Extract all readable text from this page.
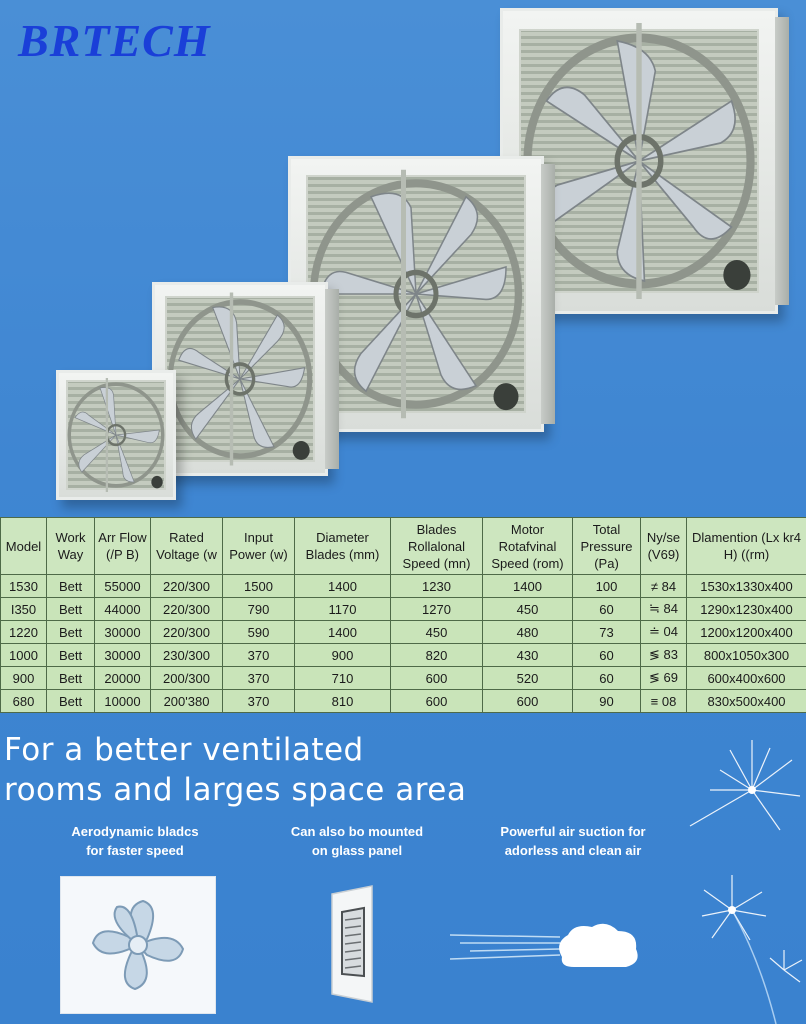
BRTECH
Model	Work Way	Arr Flow (/P B)	Rated Voltage (w	Input Power (w)	Diameter Blades (mm)	Blades Rollalonal Speed (mn)	Motor Rotafvinal Speed (rom)	Total Pressure (Pa)	Ny/se (V69)	Dlamention (Lx kr4 H) ((rm)
1530	Bett	55000	220/300	1500	1400	1230	1400	100	≠ 84	1530x1330x400
I350	Bett	44000	220/300	790	1170	1270	450	60	≒ 84	1290x1230x400
1220	Bett	30000	220/300	590	1400	450	480	73	≐ 04	1200x1200x400
1000	Bett	30000	230/300	370	900	820	430	60	≶ 83	800x1050x300
900	Bett	20000	200/300	370	710	600	520	60	≶ 69	600x400x600
680	Bett	10000	200'380	370	810	600	600	90	≡ 08	830x500x400
For a better ventilated
rooms and larges space area
Aerodynamic bladcs
for faster speed
Can also bo mounted
on glass panel
Powerful air suction for
adorless and clean air
